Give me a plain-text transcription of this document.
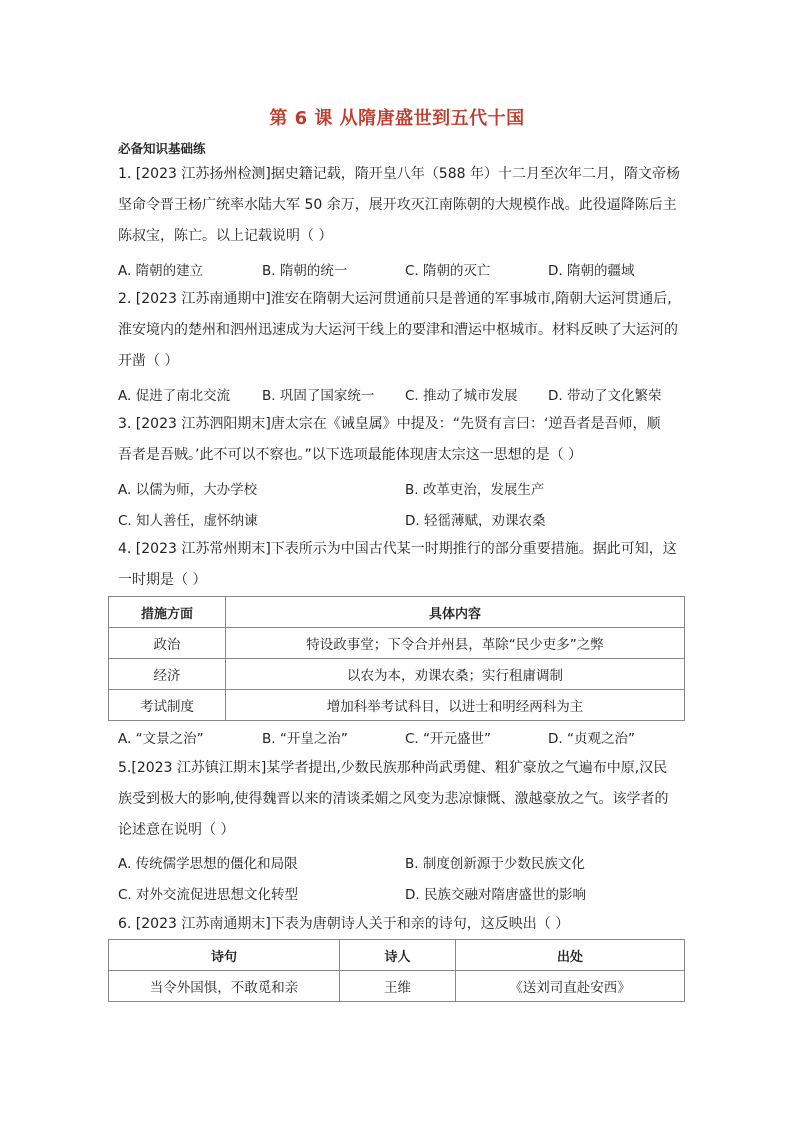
第 6 课 从隋唐盛世到五代十国
必备知识基础练
1. [2023 江苏扬州检测]据史籍记载，隋开皇八年（588 年）十二月至次年二月，隋文帝杨
坚命令晋王杨广统率水陆大军 50 余万，展开攻灭江南陈朝的大规模作战。此役逼降陈后主
陈叔宝，陈亡。以上记载说明（ ）
A. 隋朝的建立	B. 隋朝的统一	C. 隋朝的灭亡	D. 隋朝的疆域
2. [2023 江苏南通期中]淮安在隋朝大运河贯通前只是普通的军事城市,隋朝大运河贯通后,
淮安境内的楚州和泗州迅速成为大运河干线上的要津和漕运中枢城市。材料反映了大运河的
开凿（ ）
A. 促进了南北交流 B. 巩固了国家统一 C. 推动了城市发展 D. 带动了文化繁荣
3. [2023 江苏泗阳期末]唐太宗在《诫皇属》中提及：“先贤有言曰：‘逆吾者是吾师，顺
吾者是吾贼。’此不可以不察也。”以下选项最能体现唐太宗这一思想的是（ ）
A. 以儒为师，大办学校	B. 改革吏治，发展生产
C. 知人善任，虚怀纳谏	D. 轻徭薄赋，劝课农桑
4. [2023 江苏常州期末]下表所示为中国古代某一时期推行的部分重要措施。据此可知，这
一时期是（ ）
措施方面	具体内容
政治	特设政事堂；下令合并州县，革除“民少吏多”之弊
经济	以农为本，劝课农桑；实行租庸调制
考试制度	增加科举考试科目，以进士和明经两科为主
A. “文景之治”	B. “开皇之治”	C. “开元盛世”	D. “贞观之治”
5.[2023 江苏镇江期末]某学者提出,少数民族那种尚武勇健、粗犷豪放之气遍布中原,汉民
族受到极大的影响,使得魏晋以来的清谈柔媚之风变为悲凉慷慨、激越豪放之气。该学者的
论述意在说明（ ）
A. 传统儒学思想的僵化和局限	B. 制度创新源于少数民族文化
C. 对外交流促进思想文化转型	D. 民族交融对隋唐盛世的影响
6. [2023 江苏南通期末]下表为唐朝诗人关于和亲的诗句，这反映出（ ）
诗句	诗人	出处
当令外国惧，不敢觅和亲	王维	《送刘司直赴安西》
